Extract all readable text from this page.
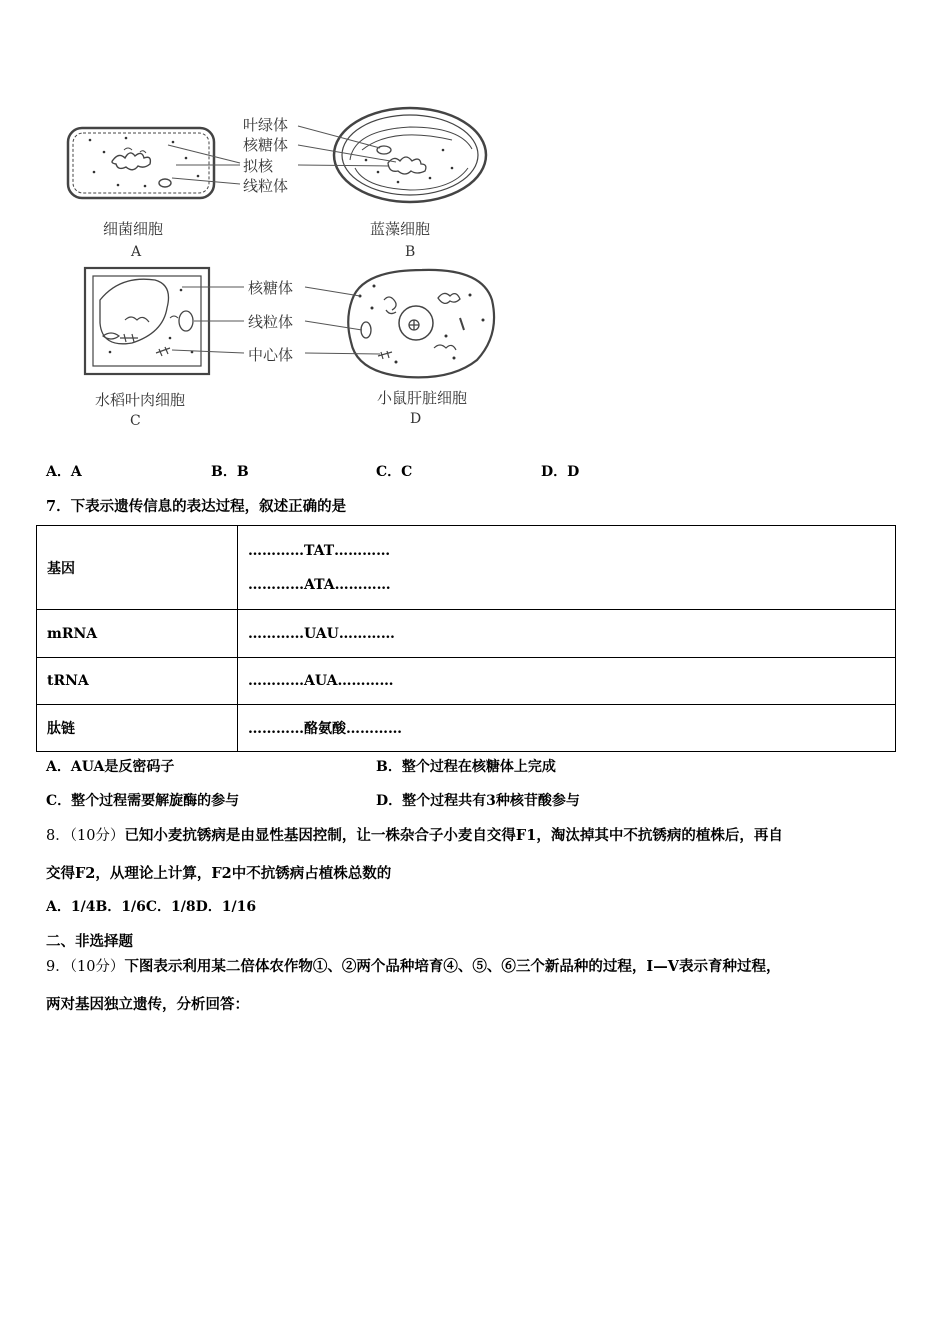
叶绿体
核糖体
拟核
线粒体
核糖体
线粒体
中心体
细菌细胞
A
蓝藻细胞
B
水稻叶肉细胞
C
小鼠肝脏细胞
D
A．A	B．B	C．C	D．D
7．下表示遗传信息的表达过程，叙述正确的是
基因	…………TAT…………
…………ATA…………

mRNA	…………UAU…………
tRNA	…………AUA…………
肽链	…………酪氨酸…………
A．AUA是反密码子	B．整个过程在核糖体上完成
C．整个过程需要解旋酶的参与	D．整个过程共有3种核苷酸参与
8．（10分）已知小麦抗锈病是由显性基因控制，让一株杂合子小麦自交得F1，淘汰掉其中不抗锈病的植株后，再自
交得F2，从理论上计算，F2中不抗锈病占植株总数的
A．1/4B．1/6C．1/8D．1/16
二、非选择题
9．（10分）下图表示利用某二倍体农作物①、②两个品种培育④、⑤、⑥三个新品种的过程，Ⅰ—Ⅴ表示育种过程，
两对基因独立遗传，分析回答：
